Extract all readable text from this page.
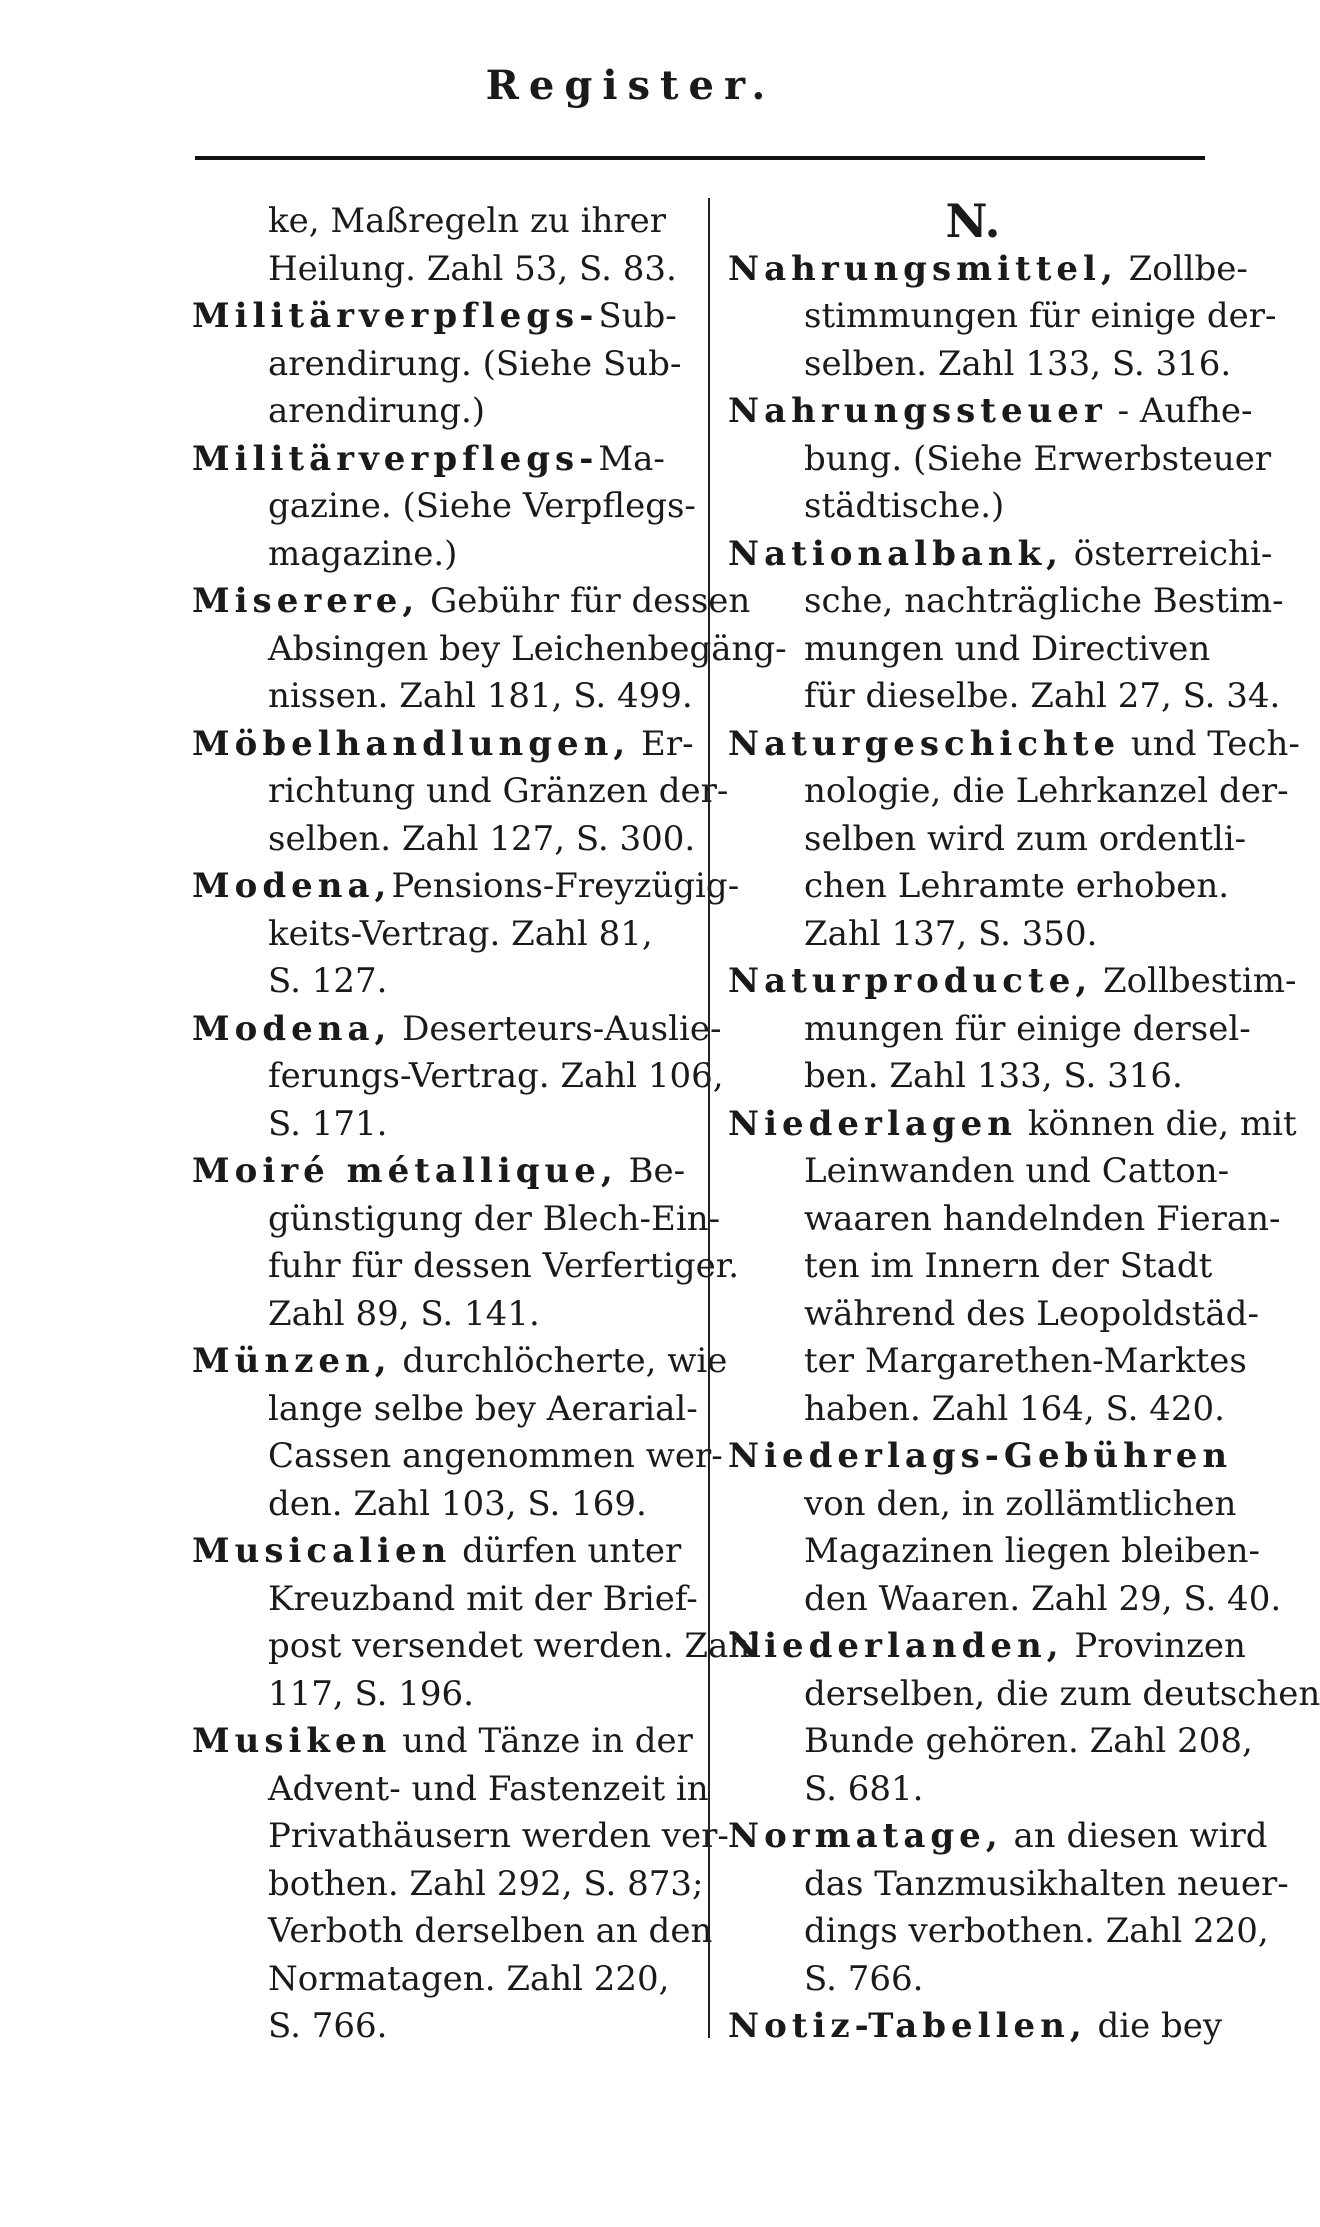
Register.
ke, Maßregeln zu ihrer
Heilung. Zahl 53, S. 83.
Militärverpflegs-Sub-
arendirung. (Siehe Sub-
arendirung.)
Militärverpflegs-Ma-
gazine. (Siehe Verpflegs-
magazine.)
Miserere, Gebühr für dessen
Absingen bey Leichenbegäng-
nissen. Zahl 181, S. 499.
Möbelhandlungen, Er-
richtung und Gränzen der-
selben. Zahl 127, S. 300.
Modena,Pensions-Freyzügig-
keits-Vertrag. Zahl 81,
S. 127.
Modena, Deserteurs-Auslie-
ferungs-Vertrag. Zahl 106,
S. 171.
Moiré métallique, Be-
günstigung der Blech-Ein-
fuhr für dessen Verfertiger.
Zahl 89, S. 141.
Münzen, durchlöcherte, wie
lange selbe bey Aerarial-
Cassen angenommen wer-
den. Zahl 103, S. 169.
Musicalien dürfen unter
Kreuzband mit der Brief-
post versendet werden. Zahl
117, S. 196.
Musiken und Tänze in der
Advent- und Fastenzeit in
Privathäusern werden ver-
bothen. Zahl 292, S. 873;
Verboth derselben an den
Normatagen. Zahl 220,
S. 766.
N.
Nahrungsmittel, Zollbe-
stimmungen für einige der-
selben. Zahl 133, S. 316.
Nahrungssteuer - Aufhe-
bung. (Siehe Erwerbsteuer
städtische.)
Nationalbank, österreichi-
sche, nachträgliche Bestim-
mungen und Directiven
für dieselbe. Zahl 27, S. 34.
Naturgeschichte und Tech-
nologie, die Lehrkanzel der-
selben wird zum ordentli-
chen Lehramte erhoben.
Zahl 137, S. 350.
Naturproducte, Zollbestim-
mungen für einige dersel-
ben. Zahl 133, S. 316.
Niederlagen können die, mit
Leinwanden und Catton-
waaren handelnden Fieran-
ten im Innern der Stadt
während des Leopoldstäd-
ter Margarethen-Marktes
haben. Zahl 164, S. 420.
Niederlags-Gebühren
von den, in zollämtlichen
Magazinen liegen bleiben-
den Waaren. Zahl 29, S. 40.
Niederlanden, Provinzen
derselben, die zum deutschen
Bunde gehören. Zahl 208,
S. 681.
Normatage, an diesen wird
das Tanzmusikhalten neuer-
dings verbothen. Zahl 220,
S. 766.
Notiz-Tabellen, die bey
